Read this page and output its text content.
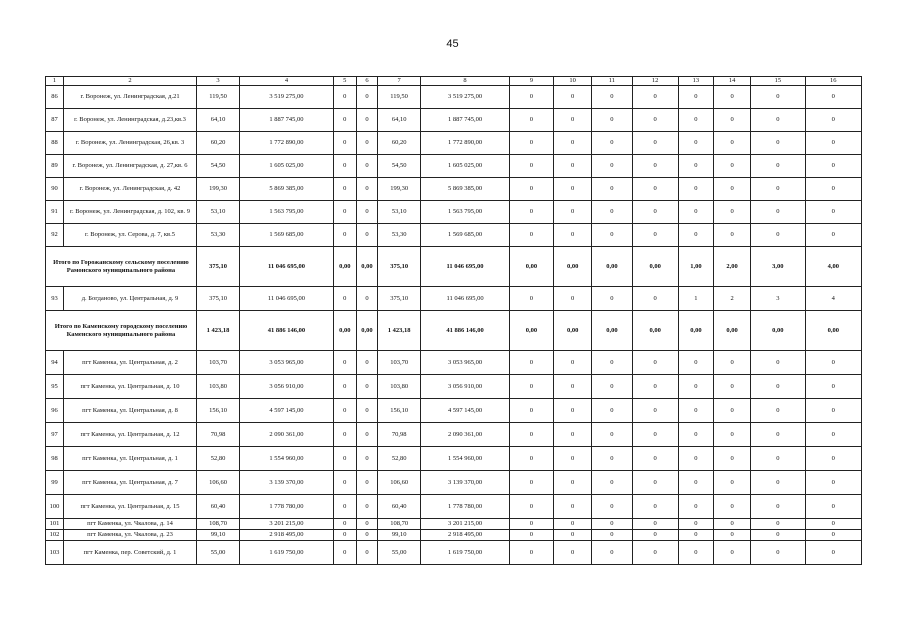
45
1	2	3	4	5	6	7	8	9	10	11	12	13	14	15	16
86	г. Воронеж, ул. Ленинградская, д.21	119,50	3 519 275,00	0	0	119,50	3 519 275,00	0	0	0	0	0	0	0	0
87	г. Воронеж, ул. Ленинградская, д.23,кв.3	64,10	1 887 745,00	0	0	64,10	1 887 745,00	0	0	0	0	0	0	0	0
88	г. Воронеж, ул. Ленинградская, 26,кв. 3	60,20	1 772 890,00	0	0	60,20	1 772 890,00	0	0	0	0	0	0	0	0
89	г. Воронеж, ул. Ленинградская, д. 27,кв. 6	54,50	1 605 025,00	0	0	54,50	1 605 025,00	0	0	0	0	0	0	0	0
90	г. Воронеж, ул. Ленинградская, д. 42	199,30	5 869 385,00	0	0	199,30	5 869 385,00	0	0	0	0	0	0	0	0
91	г. Воронеж, ул. Ленинградская, д. 102, кв. 9	53,10	1 563 795,00	0	0	53,10	1 563 795,00	0	0	0	0	0	0	0	0
92	г. Воронеж, ул. Серова, д. 7, кв.5	53,30	1 569 685,00	0	0	53,30	1 569 685,00	0	0	0	0	0	0	0	0
Итого по Горожанскому сельскому поселению Рамонского муниципального района		375,10	11 046 695,00	0,00	0,00	375,10	11 046 695,00	0,00	0,00	0,00	0,00	1,00	2,00	3,00	4,00
93	д. Богданово, ул. Центральная, д. 9	375,10	11 046 695,00	0	0	375,10	11 046 695,00	0	0	0	0	1	2	3	4
Итого по Каменскому городскому поселению Каменского муниципального района		1 423,18	41 886 146,00	0,00	0,00	1 423,18	41 886 146,00	0,00	0,00	0,00	0,00	0,00	0,00	0,00	0,00
94	пгт Каменка, ул. Центральная, д. 2	103,70	3 053 965,00	0	0	103,70	3 053 965,00	0	0	0	0	0	0	0	0
95	пгт Каменка, ул. Центральная, д. 10	103,80	3 056 910,00	0	0	103,80	3 056 910,00	0	0	0	0	0	0	0	0
96	пгт Каменка, ул. Центральная, д. 8	156,10	4 597 145,00	0	0	156,10	4 597 145,00	0	0	0	0	0	0	0	0
97	пгт Каменка, ул. Центральная, д. 12	70,98	2 090 361,00	0	0	70,98	2 090 361,00	0	0	0	0	0	0	0	0
98	пгт Каменка, ул. Центральная, д. 1	52,80	1 554 960,00	0	0	52,80	1 554 960,00	0	0	0	0	0	0	0	0
99	пгт Каменка, ул. Центральная, д. 7	106,60	3 139 370,00	0	0	106,60	3 139 370,00	0	0	0	0	0	0	0	0
100	пгт Каменка, ул. Центральная, д. 15	60,40	1 778 780,00	0	0	60,40	1 778 780,00	0	0	0	0	0	0	0	0
101	пгт Каменка, ул. Чкалова, д. 14	108,70	3 201 215,00	0	0	108,70	3 201 215,00	0	0	0	0	0	0	0	0
102	пгт Каменка, ул. Чкалова, д. 23	99,10	2 918 495,00	0	0	99,10	2 918 495,00	0	0	0	0	0	0	0	0
103	пгт Каменка, пер. Советский, д. 1	55,00	1 619 750,00	0	0	55,00	1 619 750,00	0	0	0	0	0	0	0	0
